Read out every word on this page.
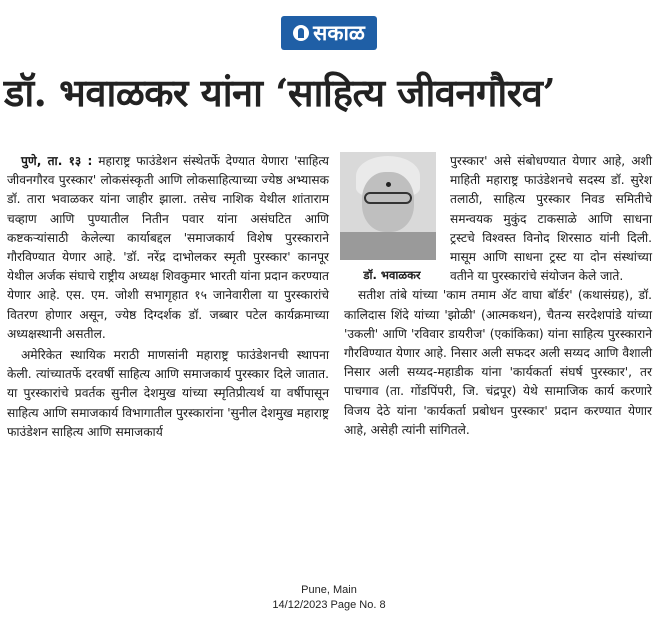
सकाळ
डॉ. भवाळकर यांना ‘साहित्य जीवनगौरव’

पुणे, ता. १३ : महाराष्ट्र फाउंडेशन संस्थेतर्फे देण्यात येणारा 'साहित्य जीवनगौरव पुरस्कार' लोकसंस्कृती आणि लोकसाहित्याच्या ज्येष्ठ अभ्यासक डॉ. तारा भवाळकर यांना जाहीर झाला. तसेच नाशिक येथील शांताराम चव्हाण आणि पुण्यातील नितीन पवार यांना असंघटित आणि कष्टकऱ्यांसाठी केलेल्या कार्याबद्दल 'समाजकार्य विशेष पुरस्काराने गौरविण्यात येणार आहे. 'डॉ. नरेंद्र दाभोलकर स्मृती पुरस्कार' कानपूर येथील अर्जक संघाचे राष्ट्रीय अध्यक्ष शिवकुमार भारती यांना प्रदान करण्यात येणार आहे. एस. एम. जोशी सभागृहात १५ जानेवारीला या पुरस्कारांचे वितरण होणार असून, ज्येष्ठ दिग्दर्शक डॉ. जब्बार पटेल कार्यक्रमाच्या अध्यक्षस्थानी असतील.

अमेरिकेत स्थायिक मराठी माणसांनी महाराष्ट्र फाउंडेशनची स्थापना केली. त्यांच्यातर्फे दरवर्षी साहित्य आणि समाजकार्य पुरस्कार दिले जातात. या पुरस्कारांचे प्रवर्तक सुनील देशमुख यांच्या स्मृतिप्रीत्यर्थ या वर्षीपासून साहित्य आणि समाजकार्य विभागातील पुरस्कारांना 'सुनील देशमुख महाराष्ट्र फाउंडेशन साहित्य आणि समाजकार्य

डॉ. भवाळकर

पुरस्कार' असे संबोधण्यात येणार आहे, अशी माहिती महाराष्ट्र फाउंडेशनचे सदस्य डॉ. सुरेश तलाठी, साहित्य पुरस्कार निवड समितीचे समन्वयक मुकुंद टाकसाळे आणि साधना ट्रस्टचे विश्वस्त विनोद शिरसाठ यांनी दिली. मासूम आणि साधना ट्रस्ट या दोन संस्थांच्या वतीने या पुरस्कारांचे संयोजन केले जाते.

सतीश तांबे यांच्या 'काम तमाम ॲट वाघा बॉर्डर' (कथासंग्रह), डॉ. कालिदास शिंदे यांच्या 'झोळी' (आत्मकथन), चैतन्य सरदेशपांडे यांच्या 'उकली' आणि 'रविवार डायरीज' (एकांकिका) यांना साहित्य पुरस्काराने गौरविण्यात येणार आहे. निसार अली सफदर अली सय्यद आणि वैशाली निसार अली सय्यद-महाडीक यांना 'कार्यकर्ता संघर्ष पुरस्कार', तर पाचगाव (ता. गोंडपिंपरी, जि. चंद्रपूर) येथे सामाजिक कार्य करणारे विजय देठे यांना 'कार्यकर्ता प्रबोधन पुरस्कार' प्रदान करण्यात येणार आहे, असेही त्यांनी सांगितले.

Pune, Main
14/12/2023 Page No. 8
